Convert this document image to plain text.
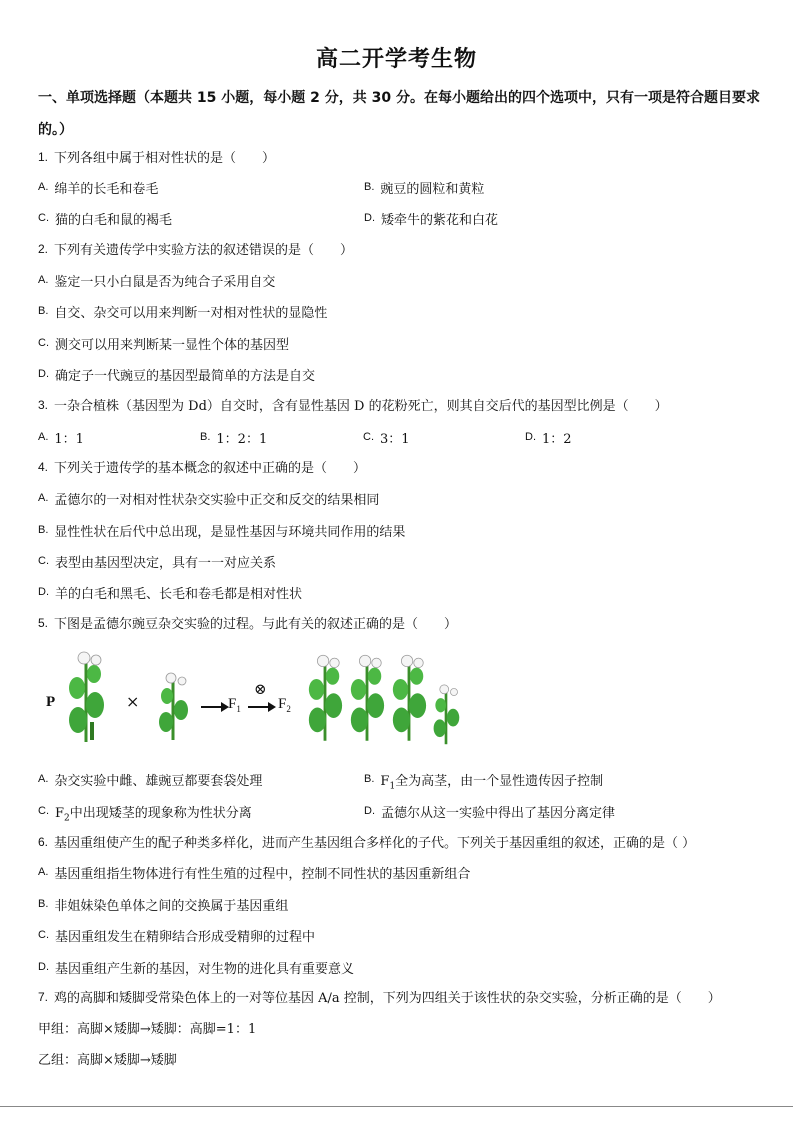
高二开学考生物
一、单项选择题（本题共 15 小题，每小题 2 分，共 30 分。在每小题给出的四个选项中，只有一项是符合题目要求的。）
1. 下列各组中属于相对性状的是（　　）
$^{A.}$ 绵羊的长毛和卷毛	$^{B.}$ 豌豆的圆粒和黄粒
$^{C.}$ 猫的白毛和鼠的褐毛	$^{D.}$ 矮牵牛的紫花和白花
2. 下列有关遗传学中实验方法的叙述错误的是（　　）
$^{A.}$ 鉴定一只小白鼠是否为纯合子采用自交
$^{B.}$ 自交、杂交可以用来判断一对相对性状的显隐性
$^{C.}$ 测交可以用来判断某一显性个体的基因型
$^{D.}$ 确定子一代豌豆的基因型最简单的方法是自交
3. 一杂合植株（基因型为 Dd）自交时，含有显性基因 D 的花粉死亡，则其自交后代的基因型比例是（　　）
$^{A.}$ 1：1	$^{B.}$ 1：2：1	$^{C.}$ 3：1	$^{D.}$ 1：2
4. 下列关于遗传学的基本概念的叙述中正确的是（　　）
$^{A.}$ 孟德尔的一对相对性状杂交实验中正交和反交的结果相同
$^{B.}$ 显性性状在后代中总出现，是显性基因与环境共同作用的结果
$^{C.}$ 表型由基因型决定，具有一一对应关系
$^{D.}$ 羊的白毛和黑毛、长毛和卷毛都是相对性状
5. 下图是孟德尔豌豆杂交实验的过程。与此有关的叙述正确的是（　　）
P	×	$F_1$
⊗
$F_2$
$^{A.}$ 杂交实验中雌、雄豌豆都要套袋处理	$^{B.}$ $F_1$全为高茎，由一个显性遗传因子控制
$^{C.}$ $F_2$中出现矮茎的现象称为性状分离	$^{D.}$ 孟德尔从这一实验中得出了基因分离定律
6. 基因重组使产生的配子种类多样化，进而产生基因组合多样化的子代。下列关于基因重组的叙述，正确的是（ ）
$^{A.}$ 基因重组指生物体进行有性生殖的过程中，控制不同性状的基因重新组合
$^{B.}$ 非姐妹染色单体之间的交换属于基因重组
$^{C.}$ 基因重组发生在精卵结合形成受精卵的过程中
$^{D.}$ 基因重组产生新的基因，对生物的进化具有重要意义
7. 鸡的高脚和矮脚受常染色体上的一对等位基因 A/a 控制，下列为四组关于该性状的杂交实验，分析正确的是（　　）
甲组：高脚×矮脚→矮脚：高脚=1：1
乙组：高脚×矮脚→矮脚
